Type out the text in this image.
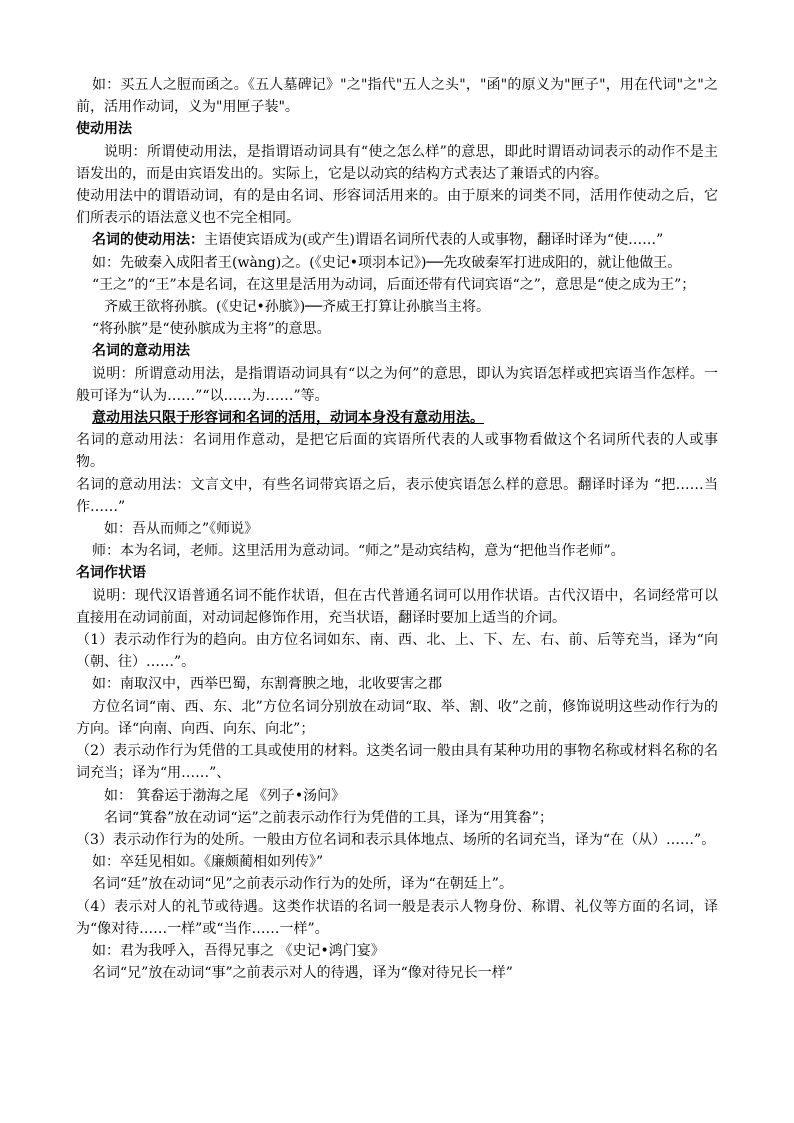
如：买五人之脰而函之。《五人墓碑记》"之"指代"五人之头"，"函"的原义为"匣子"，用在代词"之"之前，活用作动词，义为"用匣子装"。

使动用法

说明：所谓使动用法，是指谓语动词具有“使之怎么样”的意思，即此时谓语动词表示的动作不是主语发出的，而是由宾语发出的。实际上，它是以动宾的结构方式表达了兼语式的内容。

使动用法中的谓语动词，有的是由名词、形容词活用来的。由于原来的词类不同，活用作使动之后，它们所表示的语法意义也不完全相同。

名词的使动用法：主语使宾语成为(或产生)谓语名词所代表的人或事物，翻译时译为“使……”

如：先破秦入成阳者王(wàng)之。(《史记•项羽本记》)──先攻破秦军打进成阳的，就让他做王。

“王之”的“王”本是名词，在这里是活用为动词，后面还带有代词宾语“之”，意思是“使之成为王”；

齐威王欲将孙膑。(《史记•孙膑》)──齐威王打算让孙膑当主将。

“将孙膑”是“使孙膑成为主将”的意思。

名词的意动用法

说明：所谓意动用法，是指谓语动词具有“以之为何”的意思，即认为宾语怎样或把宾语当作怎样。一般可译为“认为……”“以……为……”等。

意动用法只限于形容词和名词的活用，动词本身没有意动用法。

名词的意动用法：名词用作意动，是把它后面的宾语所代表的人或事物看做这个名词所代表的人或事物。

名词的意动用法：文言文中，有些名词带宾语之后，表示使宾语怎么样的意思。翻译时译为 “把……当作……”

如：吾从而师之”《师说》

师：本为名词，老师。这里活用为意动词。“师之”是动宾结构，意为“把他当作老师”。

名词作状语

说明：现代汉语普通名词不能作状语，但在古代普通名词可以用作状语。古代汉语中，名词经常可以直接用在动词前面，对动词起修饰作用，充当状语，翻译时要加上适当的介词。

（1）表示动作行为的趋向。由方位名词如东、南、西、北、上、下、左、右、前、后等充当，译为“向（朝、往）……”。

如：南取汉中，西举巴蜀，东割膏腴之地，北收要害之郡

方位名词“南、西、东、北”方位名词分别放在动词“取、举、割、收”之前，修饰说明这些动作行为的方向。译“向南、向西、向东、向北”；

（2）表示动作行为凭借的工具或使用的材料。这类名词一般由具有某种功用的事物名称或材料名称的名词充当；译为“用……”、

如： 箕畚运于渤海之尾 《列子•汤问》

名词“箕畚”放在动词“运”之前表示动作行为凭借的工具，译为“用箕畚”；

（3）表示动作行为的处所。一般由方位名词和表示具体地点、场所的名词充当，译为“在（从）……”。

如：卒廷见相如。《廉颇蔺相如列传》”

名词“廷”放在动词“见”之前表示动作行为的处所，译为“在朝廷上”。

（4）表示对人的礼节或待遇。这类作状语的名词一般是表示人物身份、称谓、礼仪等方面的名词，译为“像对待……一样”或“当作……一样”。

如：君为我呼入，吾得兄事之 《史记•鸿门宴》

名词“兄”放在动词“事”之前表示对人的待遇，译为“像对待兄长一样”
